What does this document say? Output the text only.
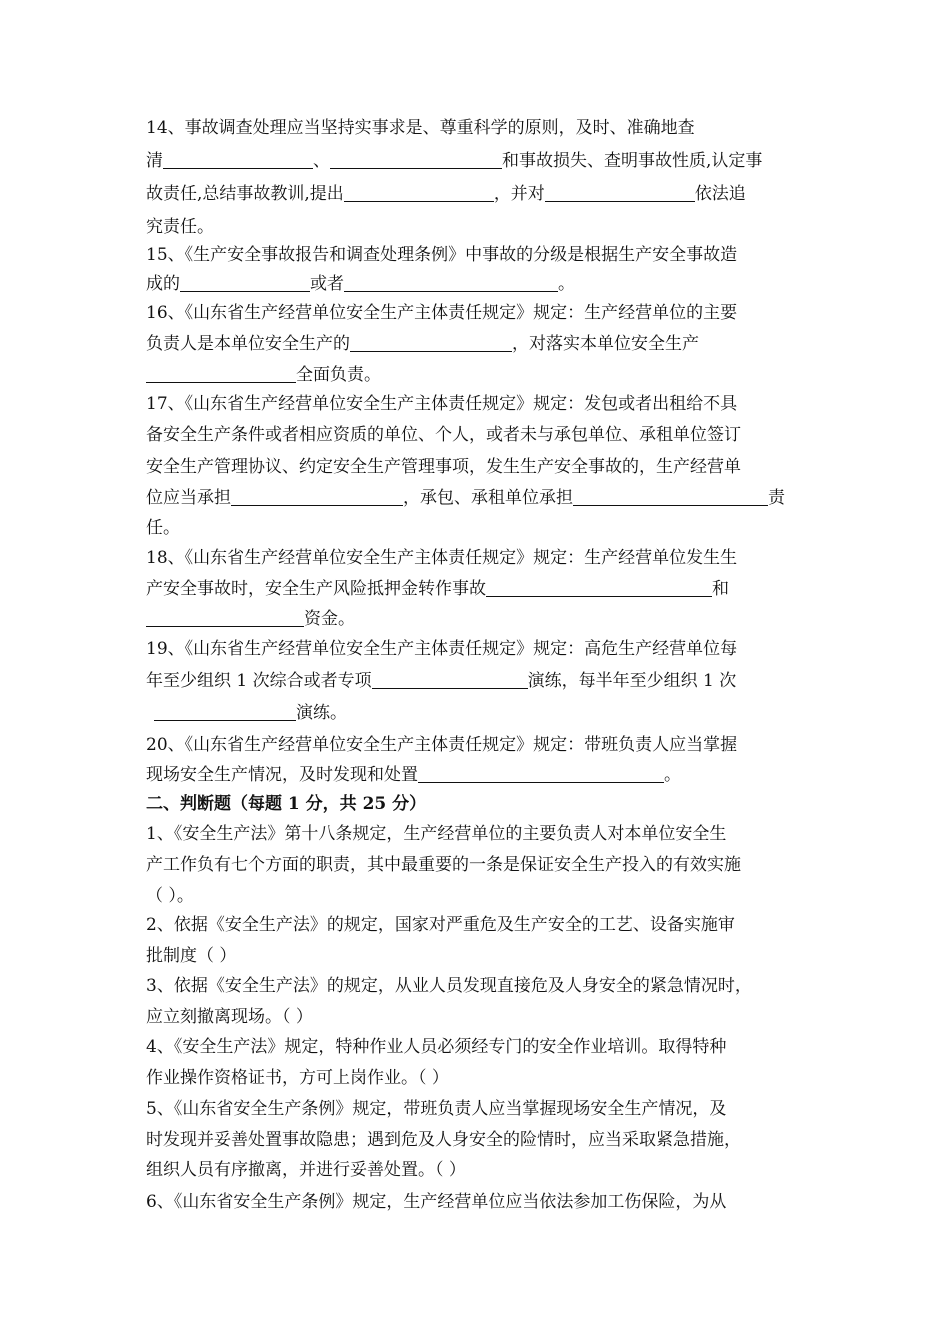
14、事故调查处理应当坚持实事求是、尊重科学的原则，及时、准确地查
清	、	和事故损失、查明事故性质,认定事
故责任,总结事故教训,提出	，并对	依法追
究责任。
15、《生产安全事故报告和调查处理条例》中事故的分级是根据生产安全事故造
成的	或者	。
16、《山东省生产经营单位安全生产主体责任规定》规定：生产经营单位的主要
负责人是本单位安全生产的	，对落实本单位安全生产
全面负责。
17、《山东省生产经营单位安全生产主体责任规定》规定：发包或者出租给不具
备安全生产条件或者相应资质的单位、个人，或者未与承包单位、承租单位签订
安全生产管理协议、约定安全生产管理事项，发生生产安全事故的，生产经营单
位应当承担	，承包、承租单位承担	责
任。
18、《山东省生产经营单位安全生产主体责任规定》规定：生产经营单位发生生
产安全事故时，安全生产风险抵押金转作事故	和
资金。
19、《山东省生产经营单位安全生产主体责任规定》规定：高危生产经营单位每
年至少组织 1 次综合或者专项	演练，每半年至少组织 1 次
演练。
20、《山东省生产经营单位安全生产主体责任规定》规定：带班负责人应当掌握
现场安全生产情况，及时发现和处置	。
二、判断题（每题 1 分，共 25 分）
1、《安全生产法》第十八条规定，生产经营单位的主要负责人对本单位安全生
产工作负有七个方面的职责，其中最重要的一条是保证安全生产投入的有效实施
（ ）。
2、依据《安全生产法》的规定，国家对严重危及生产安全的工艺、设备实施审
批制度（ ）
3、依据《安全生产法》的规定，从业人员发现直接危及人身安全的紧急情况时，
应立刻撤离现场。（ ）
4、《安全生产法》规定，特种作业人员必须经专门的安全作业培训。取得特种
作业操作资格证书，方可上岗作业。（ ）
5、《山东省安全生产条例》规定，带班负责人应当掌握现场安全生产情况，及
时发现并妥善处置事故隐患；遇到危及人身安全的险情时，应当采取紧急措施，
组织人员有序撤离，并进行妥善处置。（ ）
6、《山东省安全生产条例》规定，生产经营单位应当依法参加工伤保险，为从
